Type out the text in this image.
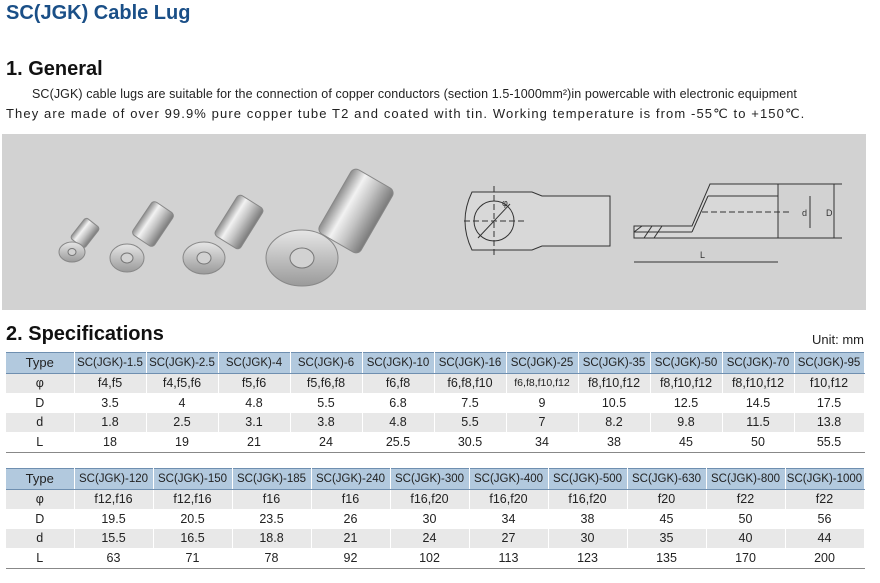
SC(JGK) Cable Lug
1. General
SC(JGK) cable lugs are suitable for the connection of copper conductors (section 1.5-1000mm²)in powercable with electronic equipment
They are made of over 99.9% pure copper tube T2 and coated with tin. Working temperature is from -55℃ to +150℃.
φ
L
d D
2. Specifications	Unit: mm
Type	SC(JGK)-1.5	SC(JGK)-2.5	SC(JGK)-4	SC(JGK)-6	SC(JGK)-10	SC(JGK)-16	SC(JGK)-25	SC(JGK)-35	SC(JGK)-50	SC(JGK)-70	SC(JGK)-95
φ	f4,f5	f4,f5,f6	f5,f6	f5,f6,f8	f6,f8	f6,f8,f10	f6,f8,f10,f12	f8,f10,f12	f8,f10,f12	f8,f10,f12	f10,f12
D	3.5	4	4.8	5.5	6.8	7.5	9	10.5	12.5	14.5	17.5
d	1.8	2.5	3.1	3.8	4.8	5.5	7	8.2	9.8	11.5	13.8
L	18	19	21	24	25.5	30.5	34	38	45	50	55.5
Type	SC(JGK)-120	SC(JGK)-150	SC(JGK)-185	SC(JGK)-240	SC(JGK)-300	SC(JGK)-400	SC(JGK)-500	SC(JGK)-630	SC(JGK)-800	SC(JGK)-1000
φ	f12,f16	f12,f16	f16	f16	f16,f20	f16,f20	f16,f20	f20	f22	f22
D	19.5	20.5	23.5	26	30	34	38	45	50	56
d	15.5	16.5	18.8	21	24	27	30	35	40	44
L	63	71	78	92	102	113	123	135	170	200
